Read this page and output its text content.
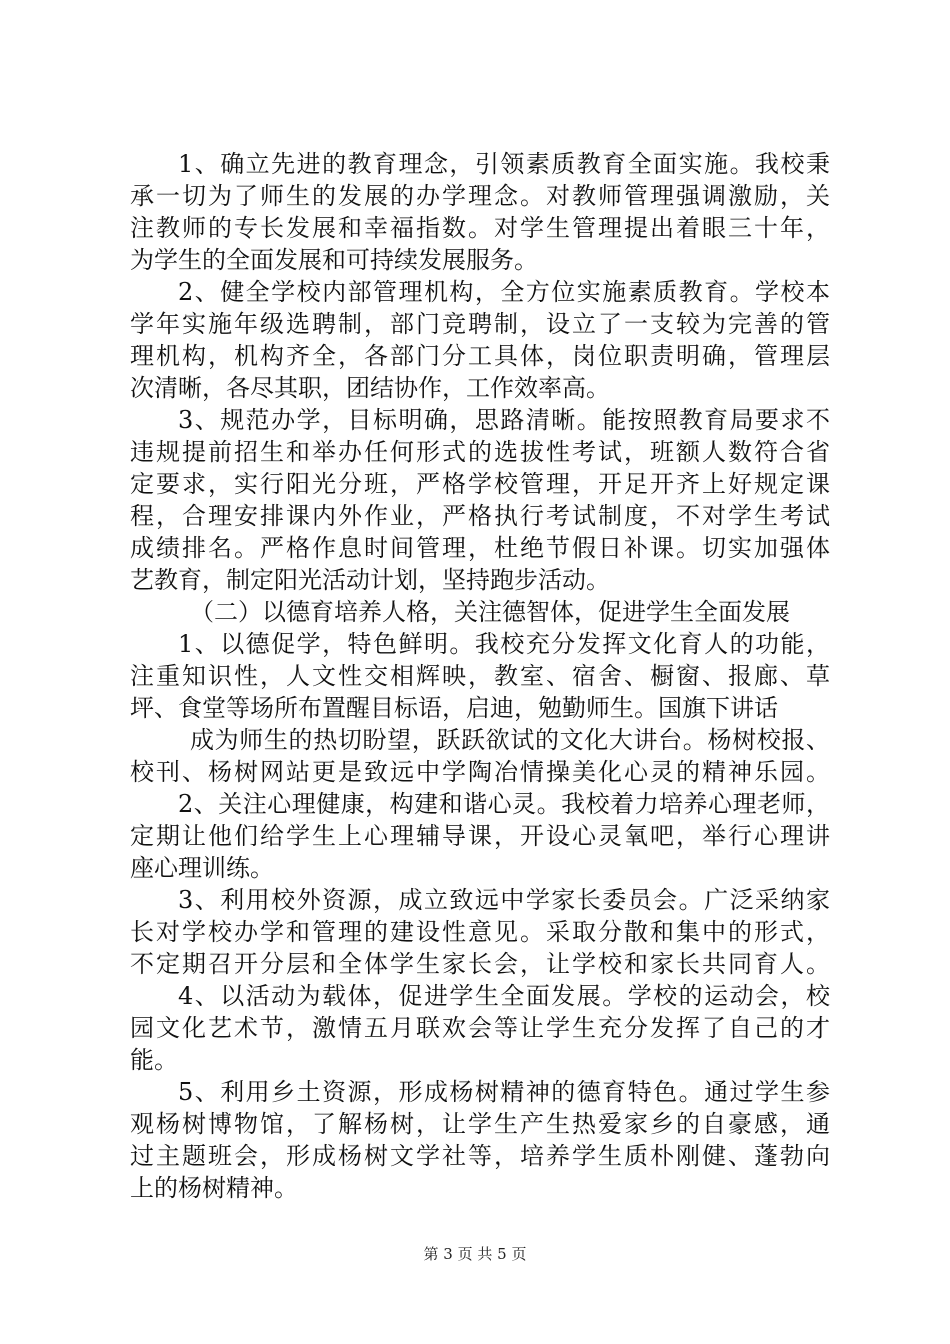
1、确立先进的教育理念，引领素质教育全面实施。我校秉
承一切为了师生的发展的办学理念。对教师管理强调激励，关
注教师的专长发展和幸福指数。对学生管理提出着眼三十年，
为学生的全面发展和可持续发展服务。
2、健全学校内部管理机构，全方位实施素质教育。学校本
学年实施年级选聘制，部门竞聘制，设立了一支较为完善的管
理机构，机构齐全，各部门分工具体，岗位职责明确，管理层
次清晰，各尽其职，团结协作，工作效率高。
3、规范办学，目标明确，思路清晰。能按照教育局要求不
违规提前招生和举办任何形式的选拔性考试，班额人数符合省
定要求，实行阳光分班，严格学校管理，开足开齐上好规定课
程，合理安排课内外作业，严格执行考试制度，不对学生考试
成绩排名。严格作息时间管理，杜绝节假日补课。切实加强体
艺教育，制定阳光活动计划，坚持跑步活动。
（二）以德育培养人格，关注德智体，促进学生全面发展
1、以德促学，特色鲜明。我校充分发挥文化育人的功能，
注重知识性，人文性交相辉映，教室、宿舍、橱窗、报廊、草
坪、食堂等场所布置醒目标语，启迪，勉勤师生。国旗下讲话
成为师生的热切盼望，跃跃欲试的文化大讲台。杨树校报、
校刊、杨树网站更是致远中学陶冶情操美化心灵的精神乐园。
2、关注心理健康，构建和谐心灵。我校着力培养心理老师，
定期让他们给学生上心理辅导课，开设心灵氧吧，举行心理讲
座心理训练。
3、利用校外资源，成立致远中学家长委员会。广泛采纳家
长对学校办学和管理的建设性意见。采取分散和集中的形式，
不定期召开分层和全体学生家长会，让学校和家长共同育人。
4、以活动为载体，促进学生全面发展。学校的运动会，校
园文化艺术节，激情五月联欢会等让学生充分发挥了自己的才
能。
5、利用乡土资源，形成杨树精神的德育特色。通过学生参
观杨树博物馆，了解杨树，让学生产生热爱家乡的自豪感，通
过主题班会，形成杨树文学社等，培养学生质朴刚健、蓬勃向
上的杨树精神。
第 3 页 共 5 页
